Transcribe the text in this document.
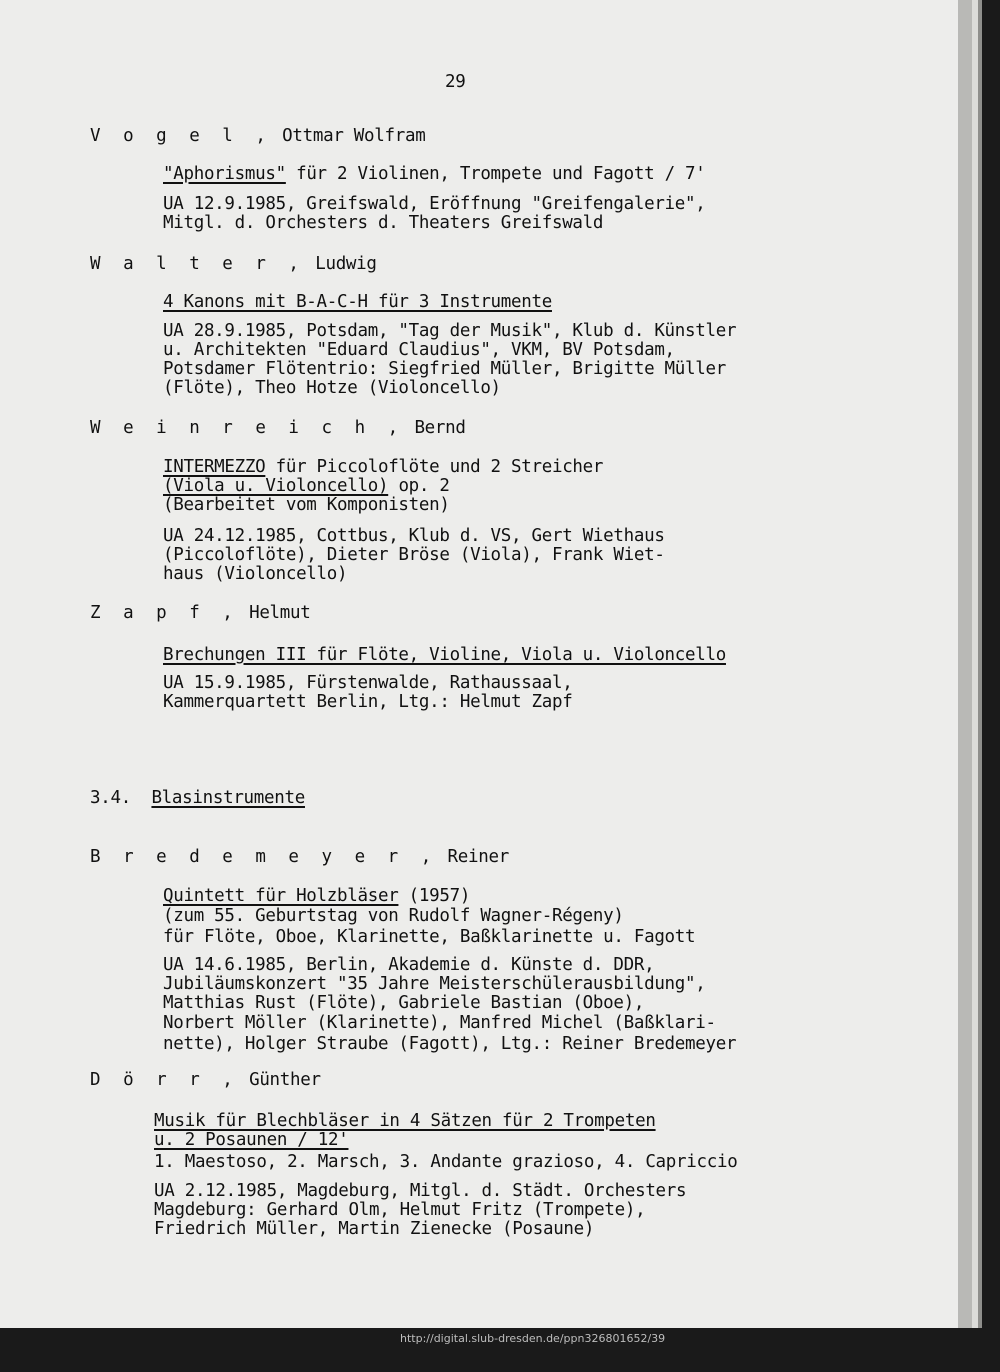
29
V o g e l , Ottmar Wolfram
"Aphorismus" für 2 Violinen, Trompete und Fagott / 7'
UA 12.9.1985, Greifswald, Eröffnung "Greifengalerie",
Mitgl. d. Orchesters d. Theaters Greifswald
W a l t e r , Ludwig
4 Kanons mit B-A-C-H für 3 Instrumente
UA 28.9.1985, Potsdam, "Tag der Musik", Klub d. Künstler
u. Architekten "Eduard Claudius", VKM, BV Potsdam,
Potsdamer Flötentrio: Siegfried Müller, Brigitte Müller
(Flöte), Theo Hotze (Violoncello)
W e i n r e i c h , Bernd
INTERMEZZO für Piccoloflöte und 2 Streicher
(Viola u. Violoncello) op. 2
(Bearbeitet vom Komponisten)
UA 24.12.1985, Cottbus, Klub d. VS, Gert Wiethaus
(Piccoloflöte), Dieter Bröse (Viola), Frank Wiet-
haus (Violoncello)
Z a p f , Helmut
Brechungen III für Flöte, Violine, Viola u. Violoncello
UA 15.9.1985, Fürstenwalde, Rathaussaal,
Kammerquartett Berlin, Ltg.: Helmut Zapf
3.4. Blasinstrumente
B r e d e m e y e r , Reiner
Quintett für Holzbläser (1957)
(zum 55. Geburtstag von Rudolf Wagner-Régeny)
für Flöte, Oboe, Klarinette, Baßklarinette u. Fagott
UA 14.6.1985, Berlin, Akademie d. Künste d. DDR,
Jubiläumskonzert "35 Jahre Meisterschülerausbildung",
Matthias Rust (Flöte), Gabriele Bastian (Oboe),
Norbert Möller (Klarinette), Manfred Michel (Baßklari-
nette), Holger Straube (Fagott), Ltg.: Reiner Bredemeyer
D ö r r , Günther
Musik für Blechbläser in 4 Sätzen für 2 Trompeten
u. 2 Posaunen / 12'
1. Maestoso, 2. Marsch, 3. Andante grazioso, 4. Capriccio
UA 2.12.1985, Magdeburg, Mitgl. d. Städt. Orchesters
Magdeburg: Gerhard Olm, Helmut Fritz (Trompete),
Friedrich Müller, Martin Zienecke (Posaune)
http://digital.slub-dresden.de/ppn326801652/39
